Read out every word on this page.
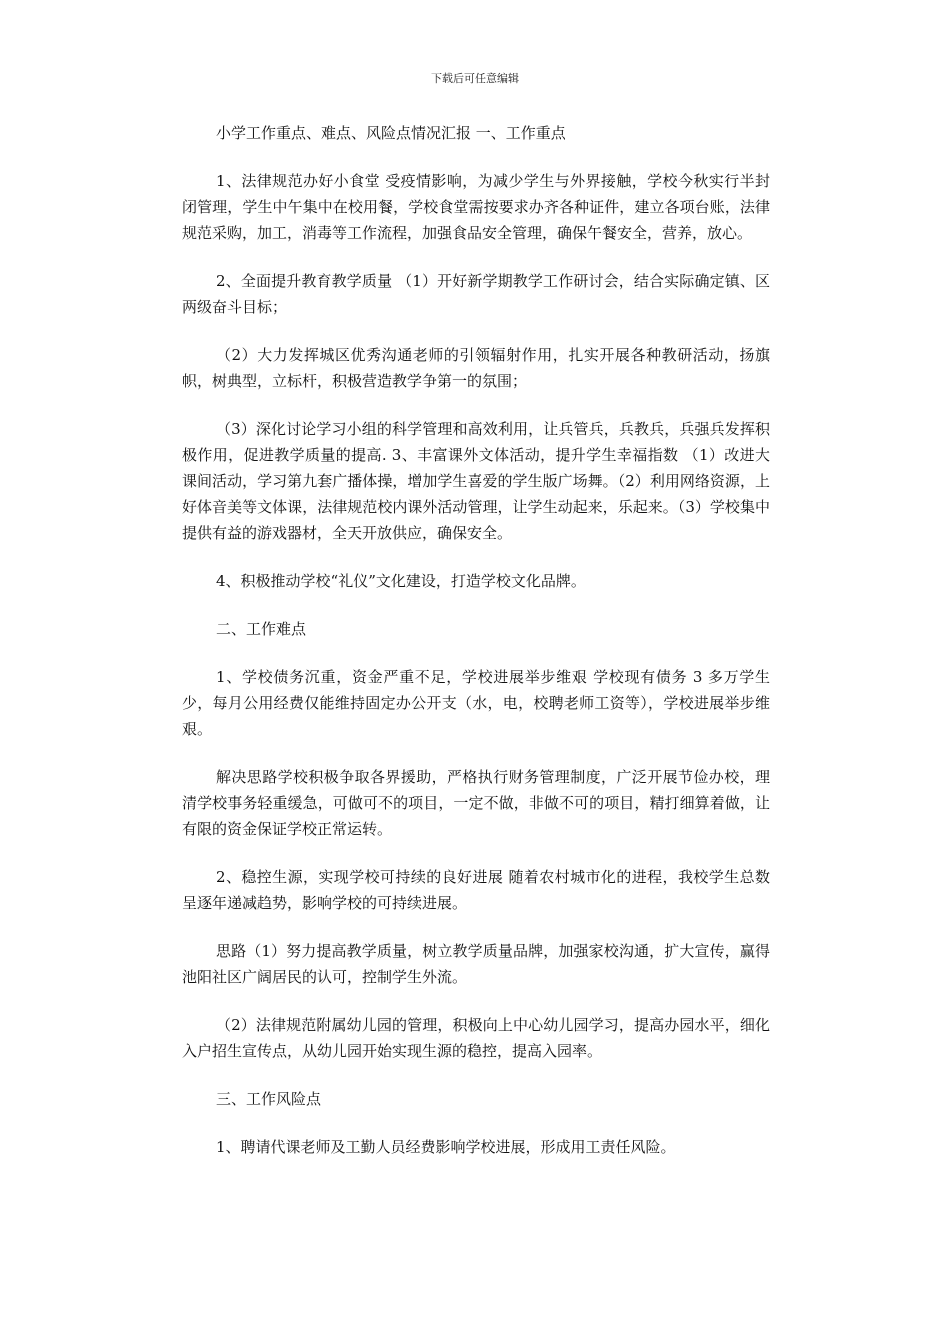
下载后可任意编辑

小学工作重点、难点、风险点情况汇报 一、工作重点

1、法律规范办好小食堂 受疫情影响，为减少学生与外界接触，学校今秋实行半封闭管理，学生中午集中在校用餐，学校食堂需按要求办齐各种证件，建立各项台账，法律规范采购，加工，消毒等工作流程，加强食品安全管理，确保午餐安全，营养，放心。

2、全面提升教育教学质量 （1）开好新学期教学工作研讨会，结合实际确定镇、区两级奋斗目标；

（2）大力发挥城区优秀沟通老师的引领辐射作用，扎实开展各种教研活动，扬旗帜，树典型，立标杆，积极营造教学争第一的氛围；

（3）深化讨论学习小组的科学管理和高效利用，让兵管兵，兵教兵，兵强兵发挥积极作用，促进教学质量的提高. 3、丰富课外文体活动，提升学生幸福指数 （1）改进大课间活动，学习第九套广播体操，增加学生喜爱的学生版广场舞。（2）利用网络资源，上好体音美等文体课，法律规范校内课外活动管理，让学生动起来，乐起来。（3）学校集中提供有益的游戏器材，全天开放供应，确保安全。

4、积极推动学校“礼仪”文化建设，打造学校文化品牌。

二、工作难点

1、学校债务沉重，资金严重不足，学校进展举步维艰 学校现有债务 3 多万学生少，每月公用经费仅能维持固定办公开支（水，电，校聘老师工资等），学校进展举步维艰。

解决思路学校积极争取各界援助，严格执行财务管理制度，广泛开展节俭办校，理清学校事务轻重缓急，可做可不的项目，一定不做，非做不可的项目，精打细算着做，让有限的资金保证学校正常运转。

2、稳控生源，实现学校可持续的良好进展 随着农村城市化的进程，我校学生总数呈逐年递减趋势，影响学校的可持续进展。

思路（1）努力提高教学质量，树立教学质量品牌，加强家校沟通，扩大宣传，赢得池阳社区广阔居民的认可，控制学生外流。

（2）法律规范附属幼儿园的管理，积极向上中心幼儿园学习，提高办园水平，细化入户招生宣传点，从幼儿园开始实现生源的稳控，提高入园率。

三、工作风险点

1、聘请代课老师及工勤人员经费影响学校进展，形成用工责任风险。
